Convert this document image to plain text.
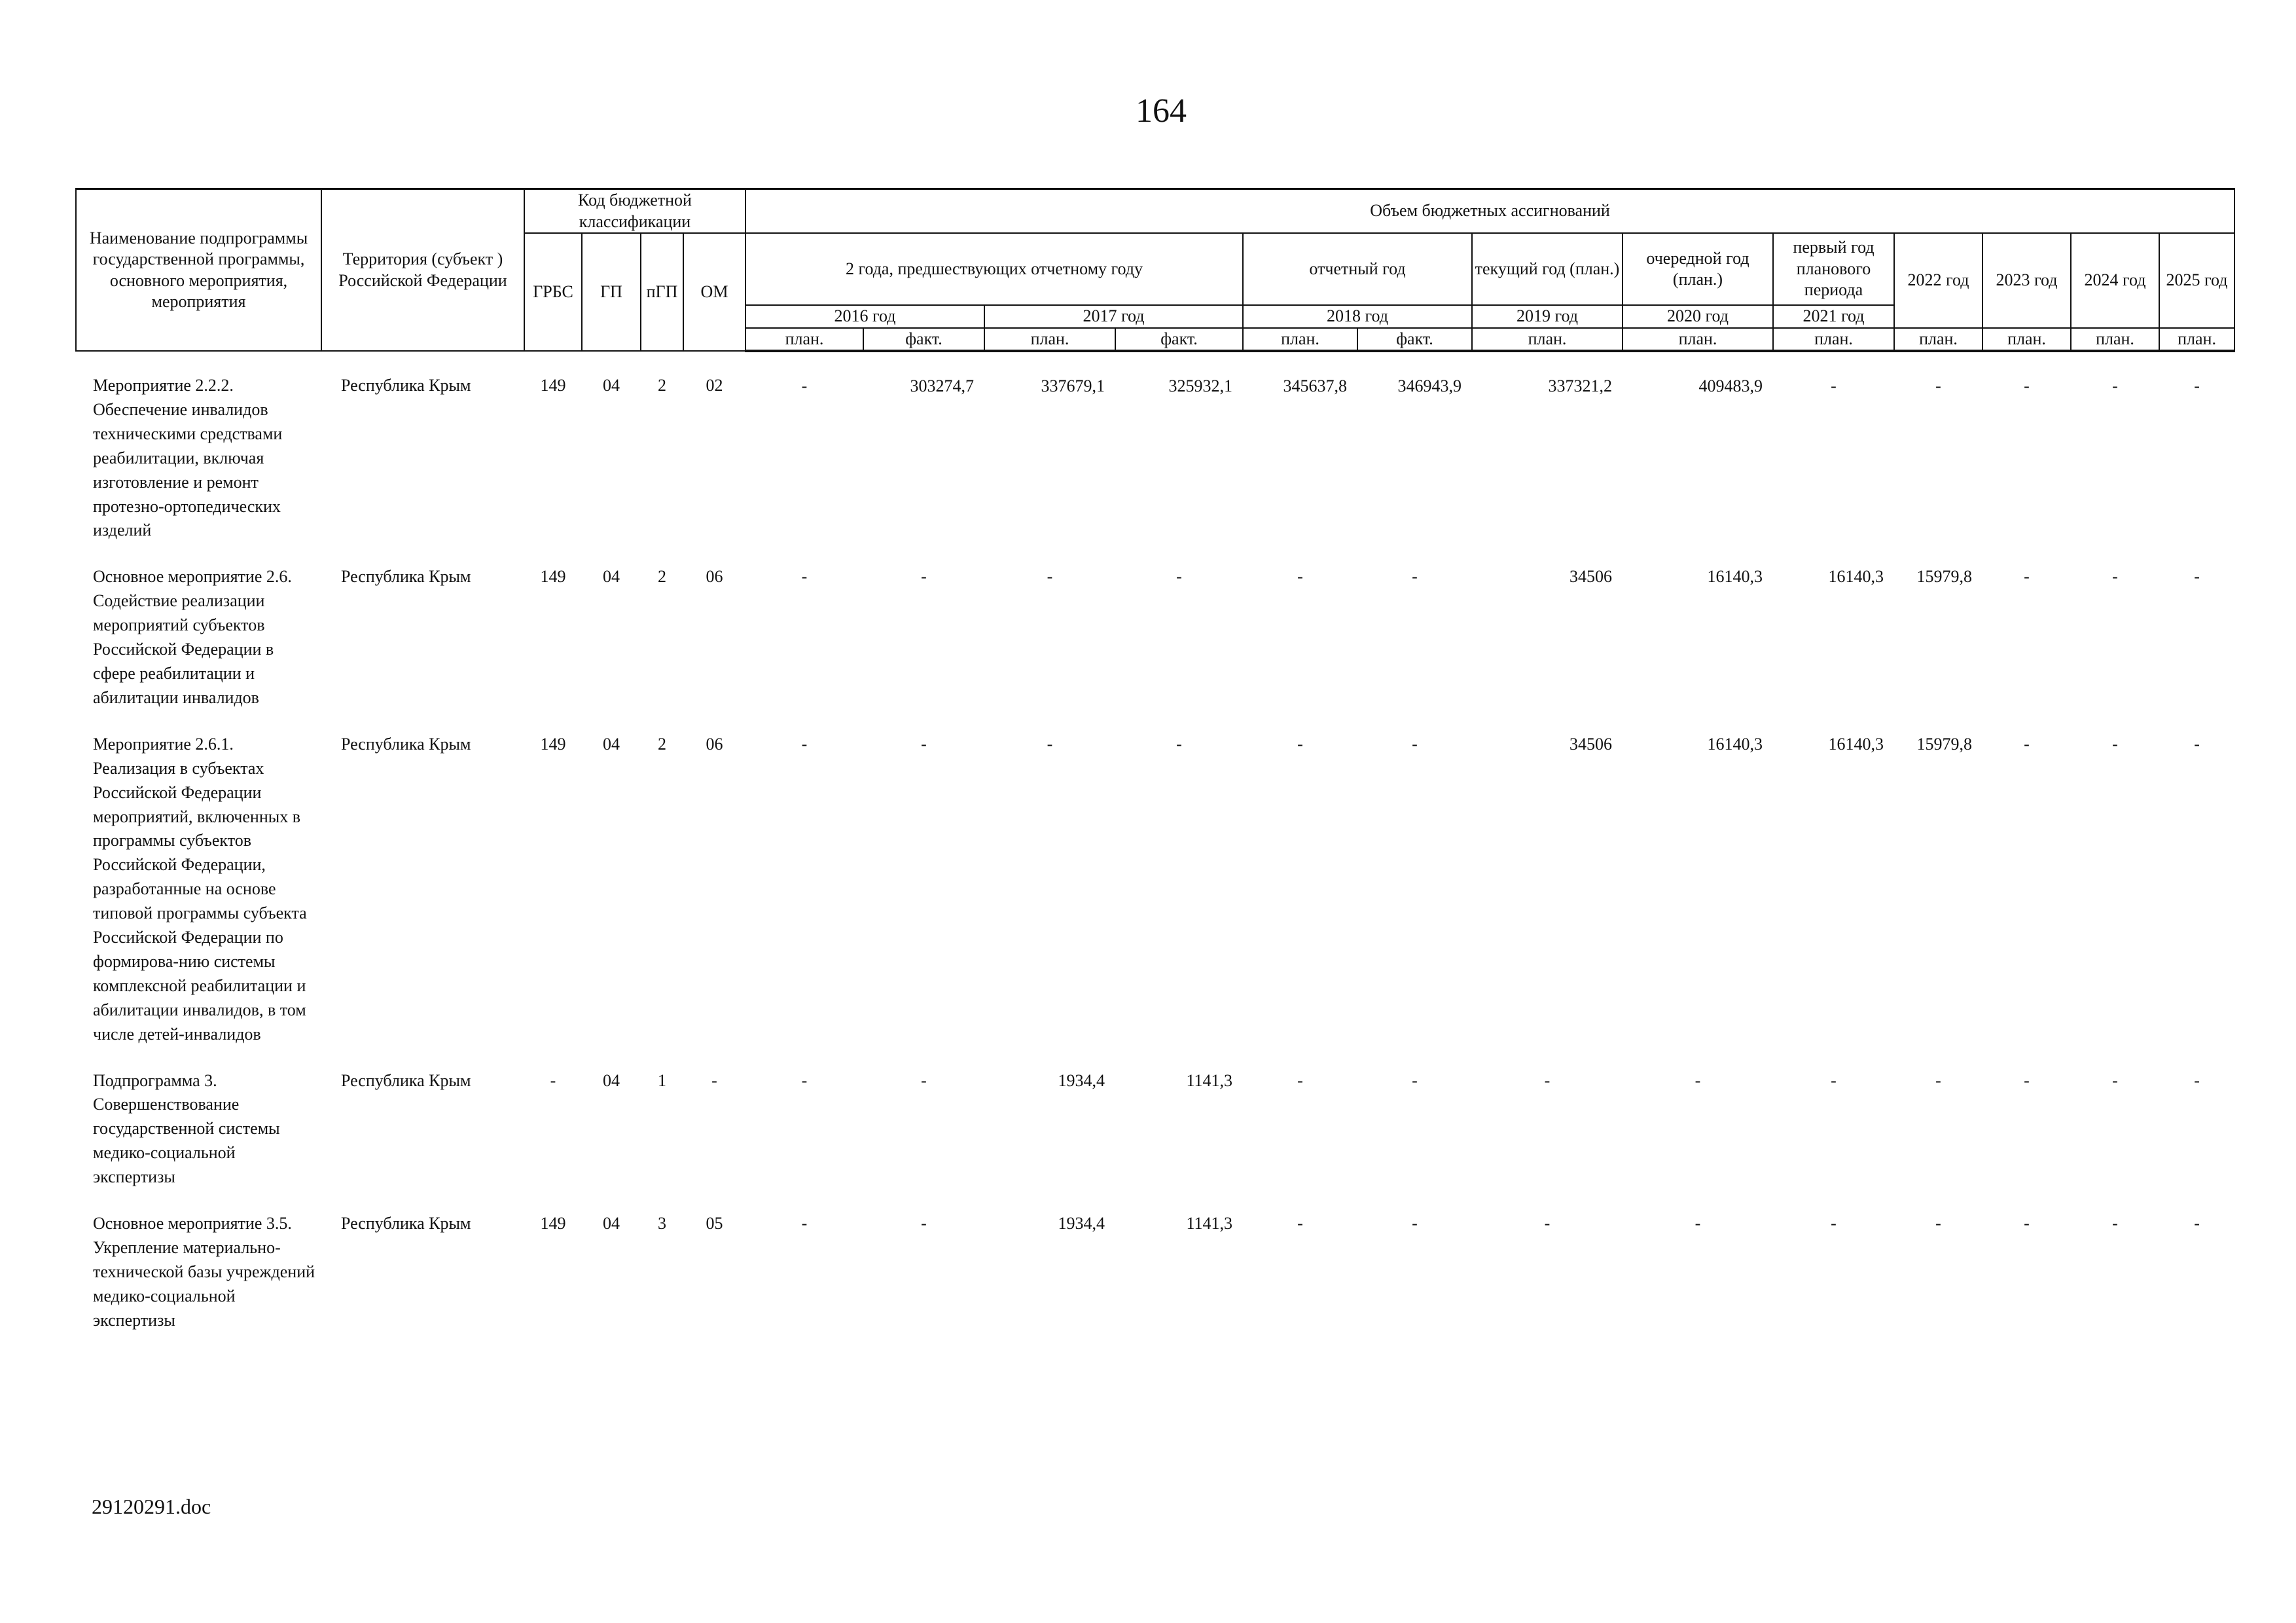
164
Наименование подпрограммы государственной программы, основного мероприятия, мероприятия	Территория (субъект ) Российской Федерации	Код бюджетной классификации				Объем бюджетных ассигнований												
		ГРБС	ГП	пГП	ОМ	2 года, предшествующих отчетному году				отчетный год		текущий год (план.)	очередной год (план.)	первый год планового периода	2022 год	2023 год	2024 год	2025 год
						2016 год		2017 год		2018 год		2019 год	2020 год	2021 год				
						план.	факт.	план.	факт.	план.	факт.	план.	план.	план.	план.	план.	план.	план.
Мероприятие 2.2.2. Обеспечение инвалидов техническими средствами реабилитации, включая изготовление и ремонт протезно-ортопедических изделий	Республика Крым	149	04	2	02	-	303274,7	337679,1	325932,1	345637,8	346943,9	337321,2	409483,9	-	-	-	-	-
Основное мероприятие 2.6. Содействие реализации мероприятий субъектов Российской Федерации в сфере реабилитации и абилитации инвалидов	Республика Крым	149	04	2	06	-	-	-	-	-	-	34506	16140,3	16140,3	15979,8	-	-	-
Мероприятие 2.6.1. Реализация в субъектах Российской Федерации мероприятий, включенных в программы субъектов Российской Федерации, разработанные на основе типовой программы субъекта Российской Федерации по формирова-нию системы комплексной реабилитации и абилитации инвалидов, в том числе детей-инвалидов	Республика Крым	149	04	2	06	-	-	-	-	-	-	34506	16140,3	16140,3	15979,8	-	-	-
Подпрограмма 3. Совершенствование государственной системы медико-социальной экспертизы	Республика Крым	-	04	1	-	-	-	1934,4	1141,3	-	-	-	-	-	-	-	-	-
Основное мероприятие 3.5. Укрепление материально-технической базы учреждений медико-социальной экспертизы	Республика Крым	149	04	3	05	-	-	1934,4	1141,3	-	-	-	-	-	-	-	-	-
29120291.doc
